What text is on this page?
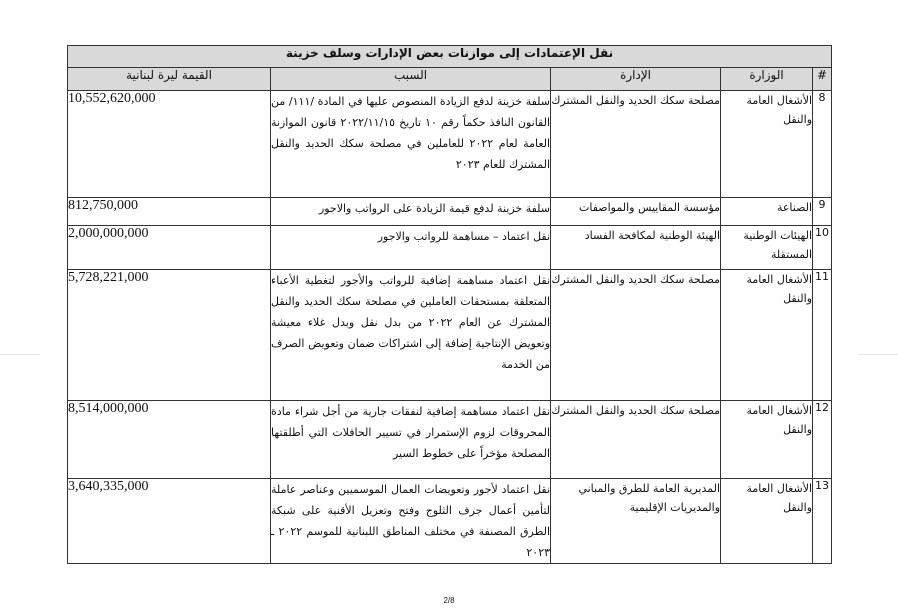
نقل الإعتمادات إلى موازنات بعض الإدارات وسلف خزينة				
#	الوزارة	الإدارة	السبب	القيمة ليرة لبنانية
8	الأشغال العامة والنقل	مصلحة سكك الحديد والنقل المشترك	سلفة خزينة لدفع الزيادة المنصوص عليها في المادة /١١١/ من القانون النافذ حكماً رقم ١٠ تاريخ ٢٠٢٢/١١/١٥ قانون الموازنة العامة لعام ٢٠٢٢ للعاملين في مصلحة سكك الحديد والنقل المشترك للعام ٢٠٢٣	10,552,620,000
9	الصناعة	مؤسسة المقاييس والمواصفات	سلفة خزينة لدفع قيمة الزيادة على الرواتب والاجور	812,750,000
10	الهيئات الوطنية المستقلة	الهيئة الوطنية لمكافحة الفساد	نقل اعتماد – مساهمة للرواتب والاجور	2,000,000,000
11	الأشغال العامة والنقل	مصلحة سكك الحديد والنقل المشترك	نقل اعتماد مساهمة إضافية للرواتب والأجور لتغطية الأعباء المتعلقة بمستحقات العاملين في مصلحة سكك الحديد والنقل المشترك عن العام ٢٠٢٢ من بدل نقل وبدل غلاء معيشة وتعويض الإنتاجية إضافة إلى اشتراكات ضمان وتعويض الصرف من الخدمة	5,728,221,000
12	الأشغال العامة والنقل	مصلحة سكك الحديد والنقل المشترك	نقل اعتماد مساهمة إضافية لنفقات جارية من أجل شراء مادة المحروقات لزوم الإستمرار في تسيير الحافلات التي أطلقتها المصلحة مؤخراً على خطوط السير	8,514,000,000
13	الأشغال العامة والنقل	المديرية العامة للطرق والمباني والمديريات الإقليمية	نقل اعتماد لأجور وتعويضات العمال الموسميين وعناصر عاملة لتأمين أعمال جرف الثلوج وفتح وتعزيل الأقنية على شبكة الطرق المصنفة في مختلف المناطق اللبنانية للموسم ٢٠٢٢ ـ ٢٠٢٣	3,640,335,000
2/8
